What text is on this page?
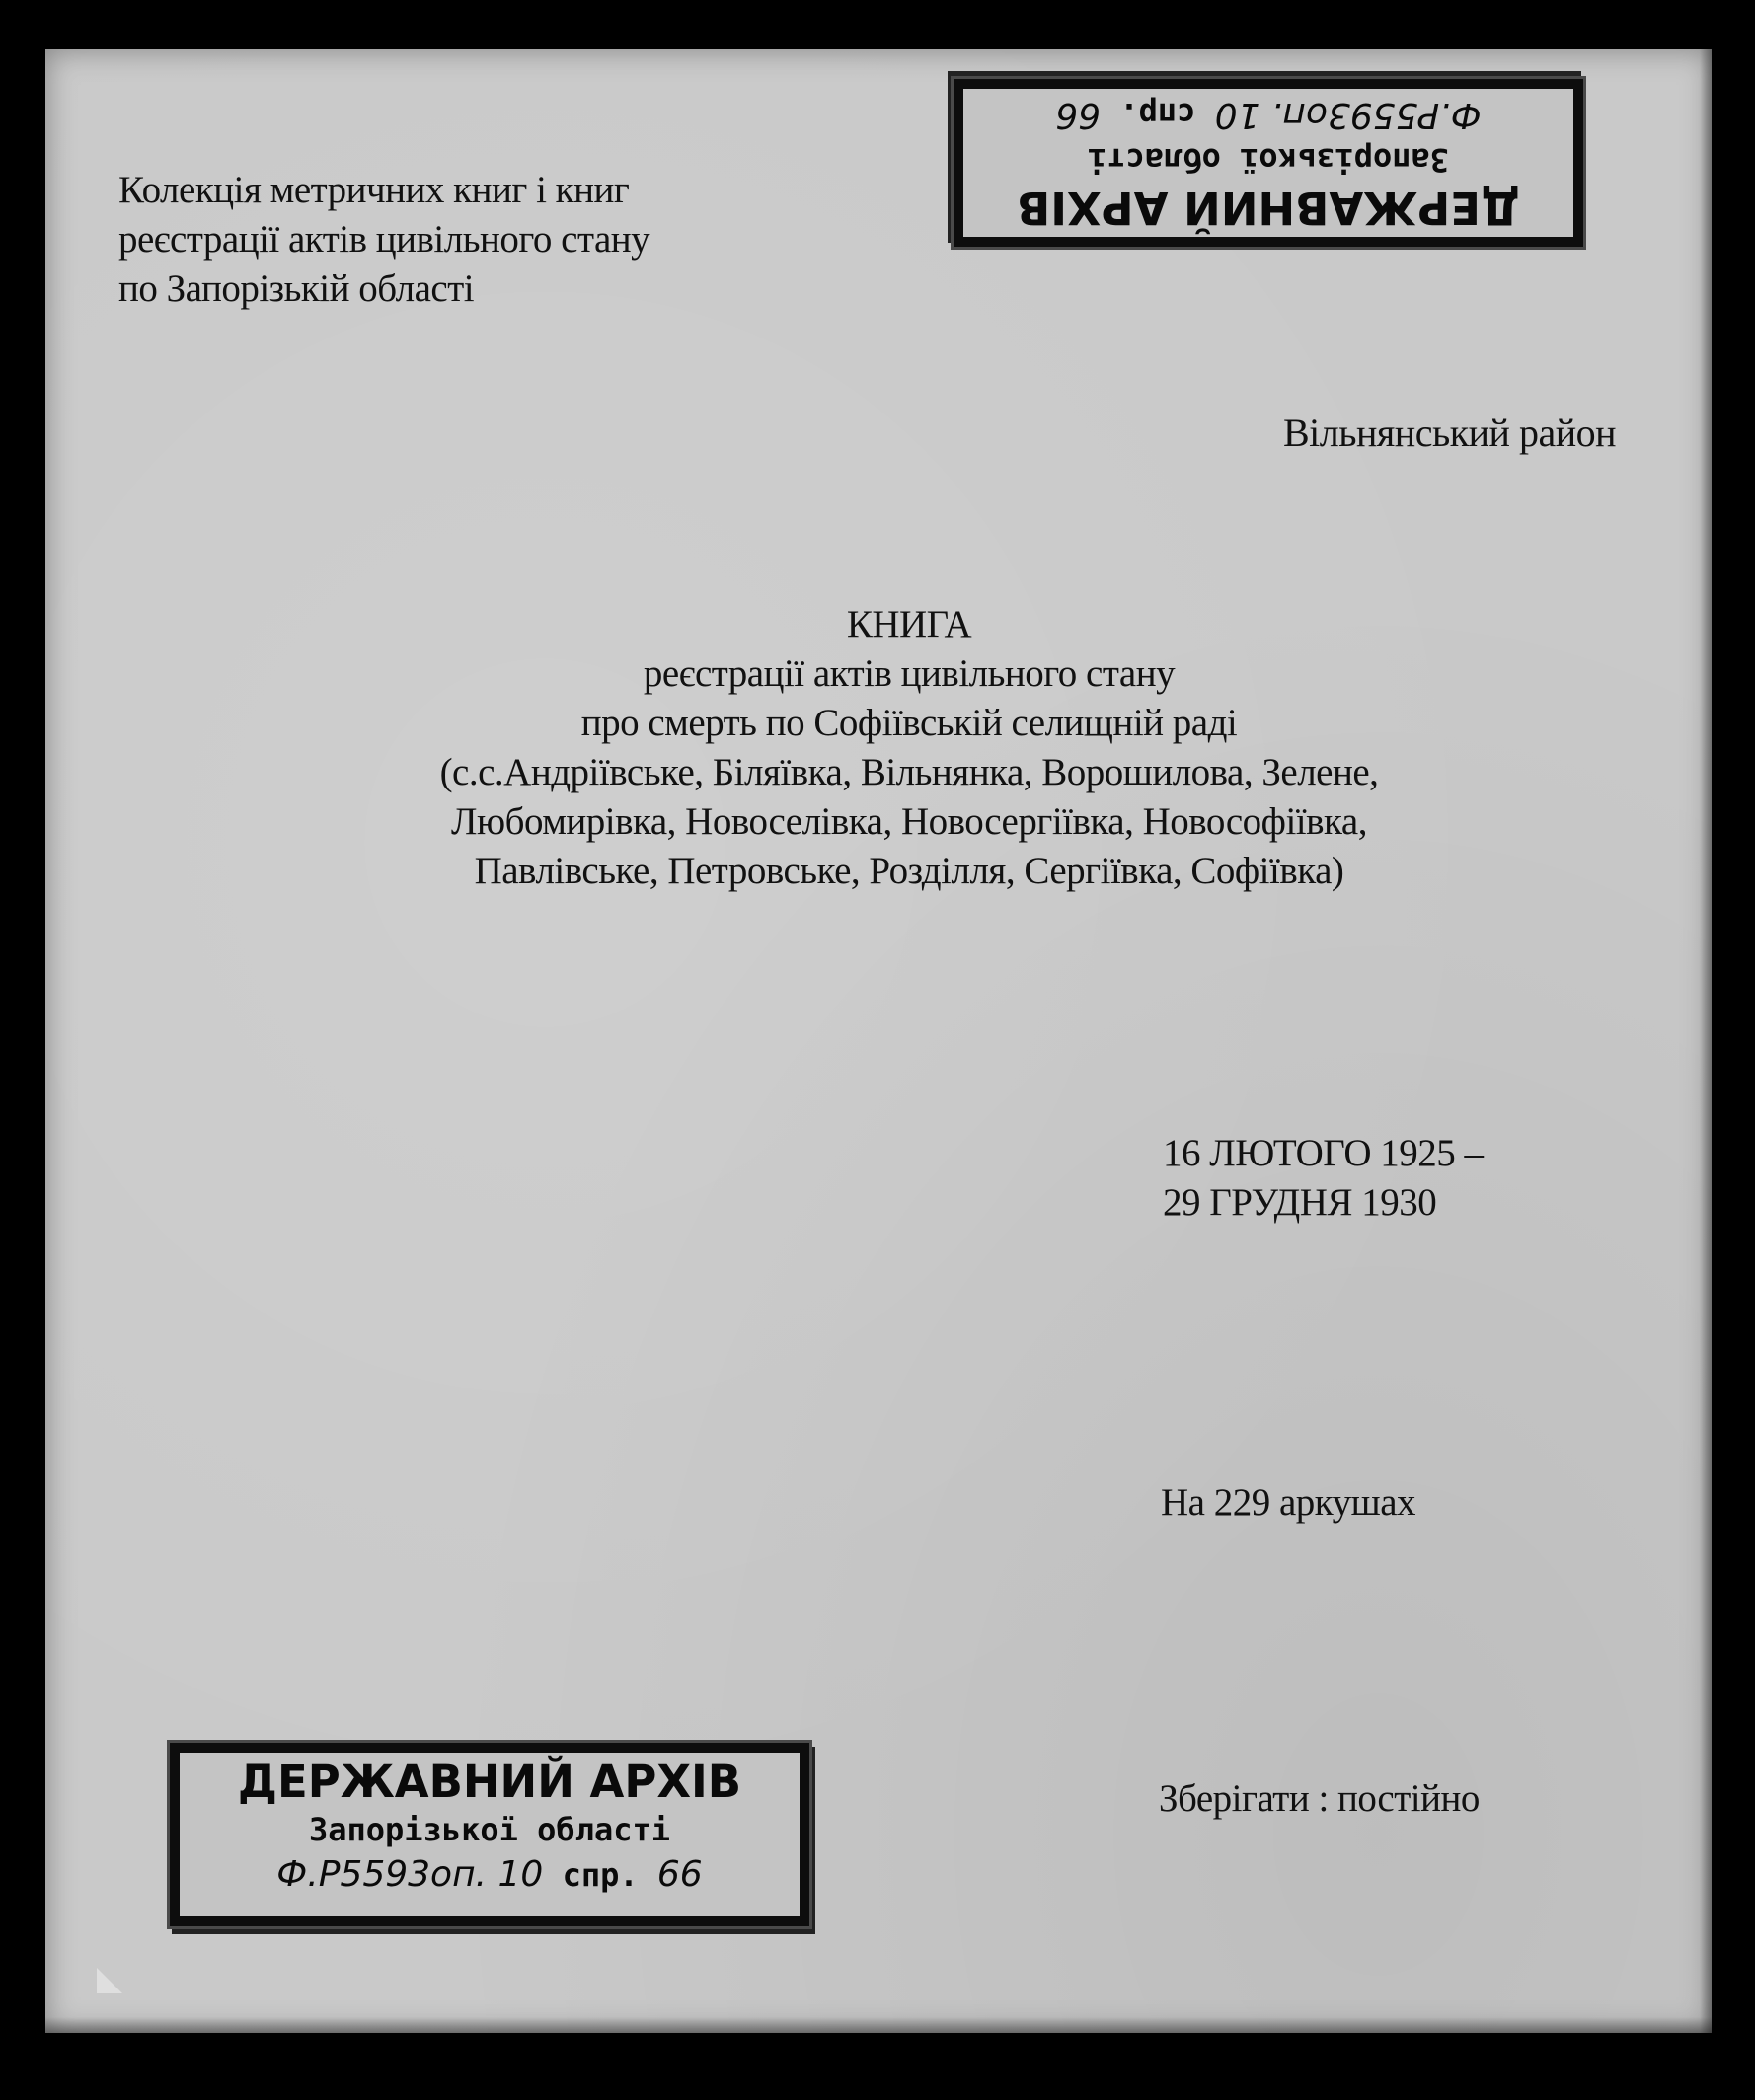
Колекція метричних книг і книг
реєстрації актів цивільного стану
по Запорізькій області
Вільнянський район
КНИГА
реєстрації актів цивільного стану
про смерть по Софіївській селищній раді
(с.с.Андріївське, Біляївка, Вільнянка, Ворошилова, Зелене,
Любомирівка, Новоселівка, Новосергіївка, Новософіївка,
Павлівське, Петровське, Розділля, Сергіївка, Софіївка)
16 ЛЮТОГО 1925 –
29 ГРУДНЯ 1930
На 229 аркушах
Зберігати : постійно
ДЕРЖАВНИЙ АРХІВ
Запорізької області
Ф.Р5593оп. 10 спр. 66
ДЕРЖАВНИЙ АРХІВ
Запорізької області
Ф.Р5593оп. 10 спр. 66
